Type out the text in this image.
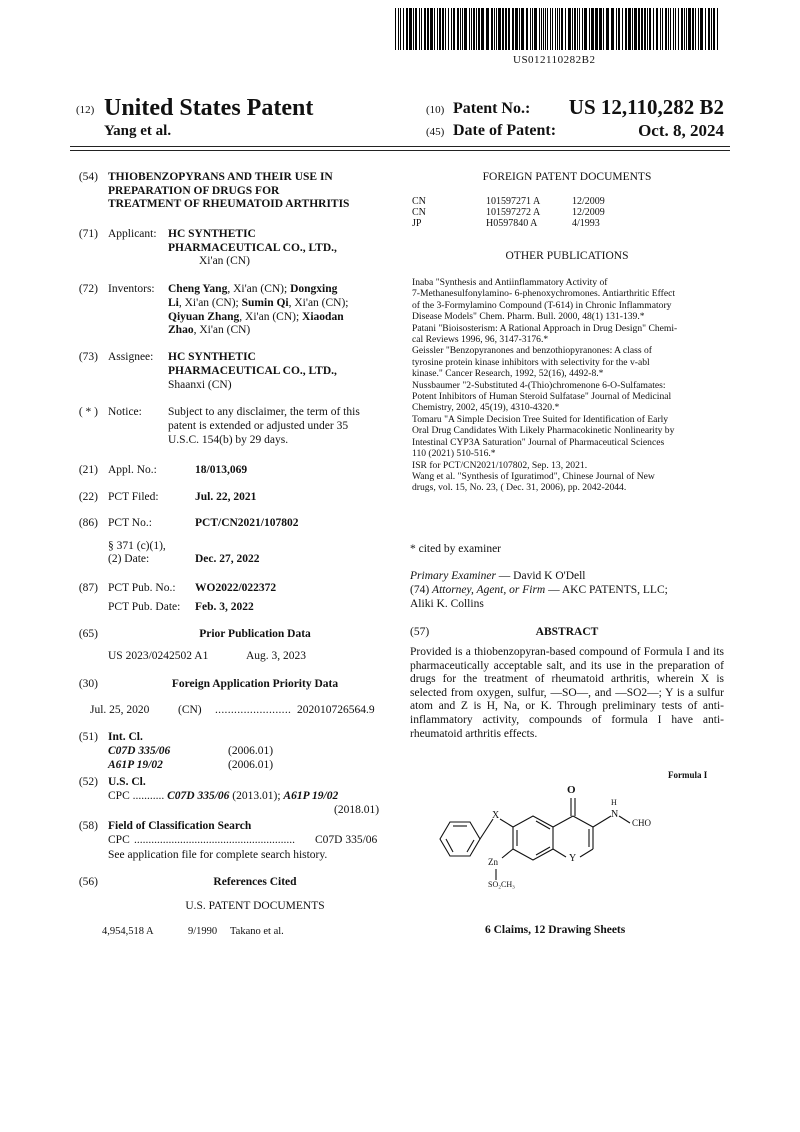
US012110282B2
(12) United States Patent
Yang et al.
(10) Patent No.:	US 12,110,282 B2
(45) Date of Patent:	Oct. 8, 2024
(54) THIOBENZOPYRANS AND THEIR USE IN
PREPARATION OF DRUGS FOR
TREATMENT OF RHEUMATOID ARTHRITIS
(71) Applicant: HC SYNTHETIC
PHARMACEUTICAL CO., LTD.,
Xi'an (CN)
(72) Inventors: Cheng Yang, Xi'an (CN); Dongxing
Li, Xi'an (CN); Sumin Qi, Xi'an (CN);
Qiyuan Zhang, Xi'an (CN); Xiaodan
Zhao, Xi'an (CN)
(73) Assignee: HC SYNTHETIC
PHARMACEUTICAL CO., LTD.,
Shaanxi (CN)
( * ) Notice: Subject to any disclaimer, the term of this
patent is extended or adjusted under 35
U.S.C. 154(b) by 29 days.
(21) Appl. No.:	18/013,069
(22) PCT Filed:	Jul. 22, 2021
(86) PCT No.:	PCT/CN2021/107802
§ 371 (c)(1),
(2) Date:	Dec. 27, 2022
(87) PCT Pub. No.: WO2022/022372
PCT Pub. Date: Feb. 3, 2022
(65)	Prior Publication Data
US 2023/0242502 A1	Aug. 3, 2023
(30)	Foreign Application Priority Data
Jul. 25, 2020 (CN) ........................ 202010726564.9
(51) Int. Cl.
C07D 335/06	(2006.01)
A61P 19/02	(2006.01)
(52) U.S. Cl.
CPC ........... C07D 335/06 (2013.01); A61P 19/02
(2018.01)
(58) Field of Classification Search
CPC ........................................................	C07D 335/06
See application file for complete search history.
(56)	References Cited
U.S. PATENT DOCUMENTS
4,954,518 A	9/1990 Takano et al.
FOREIGN PATENT DOCUMENTS
CN	101597271 A	12/2009
CN	101597272 A	12/2009
JP	H0597840 A	4/1993
OTHER PUBLICATIONS
Inaba "Synthesis and Antiinflammatory Activity of
7-Methanesulfonylamino- 6-phenoxychromones. Antiarthritic Effect
of the 3-Formylamino Compound (T-614) in Chronic Inflammatory
Disease Models" Chem. Pharm. Bull. 2000, 48(1) 131-139.*
Patani "Bioisosterism: A Rational Approach in Drug Design" Chemi-
cal Reviews 1996, 96, 3147-3176.*
Geissler "Benzopyranones and benzothiopyranones: A class of
tyrosine protein kinase inhibitors with selectivity for the v-abl
kinase." Cancer Research, 1992, 52(16), 4492-8.*
Nussbaumer "2-Substituted 4-(Thio)chromenone 6-O-Sulfamates:
Potent Inhibitors of Human Steroid Sulfatase" Journal of Medicinal
Chemistry, 2002, 45(19), 4310-4320.*
Tomaru "A Simple Decision Tree Suited for Identification of Early
Oral Drug Candidates With Likely Pharmacokinetic Nonlinearity by
Intestinal CYP3A Saturation" Journal of Pharmaceutical Sciences
110 (2021) 510-516.*
ISR for PCT/CN2021/107802, Sep. 13, 2021.
Wang et al. "Synthesis of Iguratimod", Chinese Journal of New
drugs, vol. 15, No. 23, ( Dec. 31, 2006), pp. 2042-2044.
* cited by examiner
Primary Examiner — David K O'Dell
(74) Attorney, Agent, or Firm — AKC PATENTS, LLC;
Aliki K. Collins
(57)	ABSTRACT
Provided is a thiobenzopyran-based compound of Formula I and its pharmaceutically acceptable salt, and its use in the preparation of drugs for the treatment of rheumatoid arthritis, wherein X is selected from oxygen, sulfur, —SO—, and —SO2—; Y is a sulfur atom and Z is H, Na, or K. Through preliminary tests of anti-inflammatory activity, compounds of formula I have anti-rheumatoid arthritis effects.
Formula I
O
H
N
CHO
X
Y
Zn
SO₂CH₃
6 Claims, 12 Drawing Sheets
